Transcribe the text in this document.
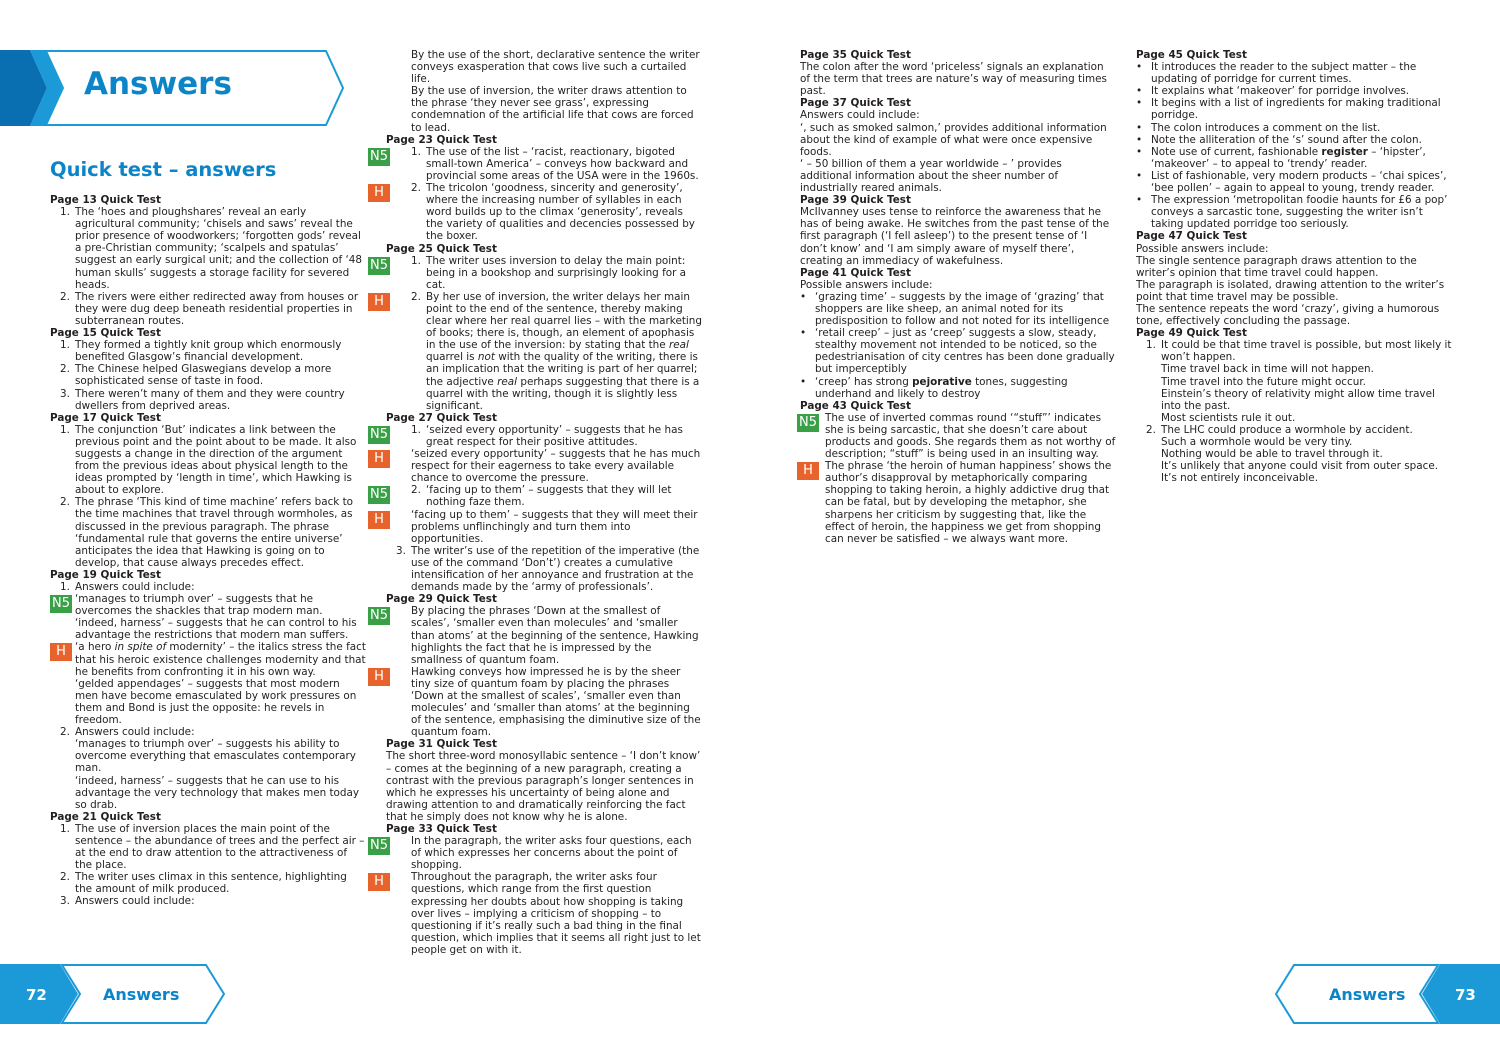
Answers
Quick test – answers
Page 13 Quick Test
1. The ‘hoes and ploughshares’ reveal an early agricultural community; ‘chisels and saws’ reveal the prior presence of woodworkers; ‘forgotten gods’ reveal a pre-Christian community; ‘scalpels and spatulas’ suggest an early surgical unit; and the collection of ‘48 human skulls’ suggests a storage facility for severed heads.
2. The rivers were either redirected away from houses or they were dug deep beneath residential properties in subterranean routes.
Page 15 Quick Test
1. They formed a tightly knit group which enormously benefited Glasgow’s financial development.
2. The Chinese helped Glaswegians develop a more sophisticated sense of taste in food.
3. There weren’t many of them and they were country dwellers from deprived areas.
Page 17 Quick Test
1. The conjunction ‘But’ indicates a link between the previous point and the point about to be made. It also suggests a change in the direction of the argument from the previous ideas about physical length to the ideas prompted by ‘length in time’, which Hawking is about to explore.
2. The phrase ‘This kind of time machine’ refers back to the time machines that travel through wormholes, as discussed in the previous paragraph. The phrase ‘fundamental rule that governs the entire universe’ anticipates the idea that Hawking is going on to develop, that cause always precedes effect.
Page 19 Quick Test
1. Answers could include:
N5 ‘manages to triumph over’ – suggests that he overcomes the shackles that trap modern man.
‘indeed, harness’ – suggests that he can control to his advantage the restrictions that modern man suffers.
H ‘a hero in spite of modernity’ – the italics stress the fact that his heroic existence challenges modernity and that he benefits from confronting it in his own way.
‘gelded appendages’ – suggests that most modern men have become emasculated by work pressures on them and Bond is just the opposite: he revels in freedom.
2. Answers could include:
‘manages to triumph over’ – suggests his ability to overcome everything that emasculates contemporary man.
‘indeed, harness’ – suggests that he can use to his advantage the very technology that makes men today so drab.
Page 21 Quick Test
1. The use of inversion places the main point of the sentence – the abundance of trees and the perfect air – at the end to draw attention to the attractiveness of the place.
2. The writer uses climax in this sentence, highlighting the amount of milk produced.
3. Answers could include:
By the use of the short, declarative sentence the writer conveys exasperation that cows live such a curtailed life.
By the use of inversion, the writer draws attention to the phrase ‘they never see grass’, expressing condemnation of the artificial life that cows are forced to lead.
Page 23 Quick Test
N5 1. The use of the list – ‘racist, reactionary, bigoted small-town America’ – conveys how backward and provincial some areas of the USA were in the 1960s.
H	2. The tricolon ‘goodness, sincerity and generosity’, where the increasing number of syllables in each word builds up to the climax ‘generosity’, reveals the variety of qualities and decencies possessed by the boxer.
Page 25 Quick Test
N5 1. The writer uses inversion to delay the main point: being in a bookshop and surprisingly looking for a cat.
H	2. By her use of inversion, the writer delays her main point to the end of the sentence, thereby making clear where her real quarrel lies – with the marketing of books; there is, though, an element of apophasis in the use of the inversion: by stating that the real quarrel is not with the quality of the writing, there is an implication that the writing is part of her quarrel; the adjective real perhaps suggesting that there is a quarrel with the writing, though it is slightly less significant.
Page 27 Quick Test
N5 1. ‘seized every opportunity’ – suggests that he has great respect for their positive attitudes.
H	‘seized every opportunity’ – suggests that he has much respect for their eagerness to take every available chance to overcome the pressure.
N5 2. ‘facing up to them’ – suggests that they will let nothing faze them.
H	‘facing up to them’ – suggests that they will meet their problems unflinchingly and turn them into opportunities.
3. The writer’s use of the repetition of the imperative (the use of the command ‘Don’t’) creates a cumulative intensification of her annoyance and frustration at the demands made by the ‘army of professionals’.
Page 29 Quick Test
N5	By placing the phrases ‘Down at the smallest of scales’, ‘smaller even than molecules’ and ‘smaller than atoms’ at the beginning of the sentence, Hawking highlights the fact that he is impressed by the smallness of quantum foam.
H	Hawking conveys how impressed he is by the sheer tiny size of quantum foam by placing the phrases ‘Down at the smallest of scales’, ‘smaller even than molecules’ and ‘smaller than atoms’ at the beginning of the sentence, emphasising the diminutive size of the quantum foam.
Page 31 Quick Test
The short three-word monosyllabic sentence – ‘I don’t know’ – comes at the beginning of a new paragraph, creating a contrast with the previous paragraph’s longer sentences in which he expresses his uncertainty of being alone and drawing attention to and dramatically reinforcing the fact that he simply does not know why he is alone.
Page 33 Quick Test
N5	In the paragraph, the writer asks four questions, each of which expresses her concerns about the point of shopping.
H	Throughout the paragraph, the writer asks four questions, which range from the first question expressing her doubts about how shopping is taking over lives – implying a criticism of shopping – to questioning if it’s really such a bad thing in the final question, which implies that it seems all right just to let people get on with it.
Page 35 Quick Test
The colon after the word ‘priceless’ signals an explanation of the term that trees are nature’s way of measuring times past.
Page 37 Quick Test
Answers could include:
‘, such as smoked salmon,’ provides additional information about the kind of example of what were once expensive foods.
‘ – 50 billion of them a year worldwide – ’ provides additional information about the sheer number of industrially reared animals.
Page 39 Quick Test
McIlvanney uses tense to reinforce the awareness that he has of being awake. He switches from the past tense of the first paragraph (‘I fell asleep’) to the present tense of ‘I don’t know’ and ‘I am simply aware of myself there’, creating an immediacy of wakefulness.
Page 41 Quick Test
Possible answers include:
• ‘grazing time’ – suggests by the image of ‘grazing’ that shoppers are like sheep, an animal noted for its predisposition to follow and not noted for its intelligence
• ‘retail creep’ – just as ‘creep’ suggests a slow, steady, stealthy movement not intended to be noticed, so the pedestrianisation of city centres has been done gradually but imperceptibly
• ‘creep’ has strong pejorative tones, suggesting underhand and likely to destroy
Page 43 Quick Test
N5 The use of inverted commas round ‘“stuff”’ indicates she is being sarcastic, that she doesn’t care about products and goods. She regards them as not worthy of description; “stuff” is being used in an insulting way.
H	The phrase ‘the heroin of human happiness’ shows the author’s disapproval by metaphorically comparing shopping to taking heroin, a highly addictive drug that can be fatal, but by developing the metaphor, she sharpens her criticism by suggesting that, like the effect of heroin, the happiness we get from shopping can never be satisfied – we always want more.
Page 45 Quick Test
• It introduces the reader to the subject matter – the updating of porridge for current times.
• It explains what ‘makeover’ for porridge involves.
• It begins with a list of ingredients for making traditional porridge.
• The colon introduces a comment on the list.
• Note the alliteration of the ‘s’ sound after the colon.
• Note use of current, fashionable register – ‘hipster’, ‘makeover’ – to appeal to ‘trendy’ reader.
• List of fashionable, very modern products – ‘chai spices’, ‘bee pollen’ – again to appeal to young, trendy reader.
• The expression ‘metropolitan foodie haunts for £6 a pop’ conveys a sarcastic tone, suggesting the writer isn’t taking updated porridge too seriously.
Page 47 Quick Test
Possible answers include:
The single sentence paragraph draws attention to the writer’s opinion that time travel could happen.
The paragraph is isolated, drawing attention to the writer’s point that time travel may be possible.
The sentence repeats the word ‘crazy’, giving a humorous tone, effectively concluding the passage.
Page 49 Quick Test
1. It could be that time travel is possible, but most likely it won’t happen.
Time travel back in time will not happen.
Time travel into the future might occur.
Einstein’s theory of relativity might allow time travel into the past.
Most scientists rule it out.
2. The LHC could produce a wormhole by accident.
Such a wormhole would be very tiny.
Nothing would be able to travel through it.
It’s unlikely that anyone could visit from outer space.
It’s not entirely inconceivable.
72	Answers	Answers	73
